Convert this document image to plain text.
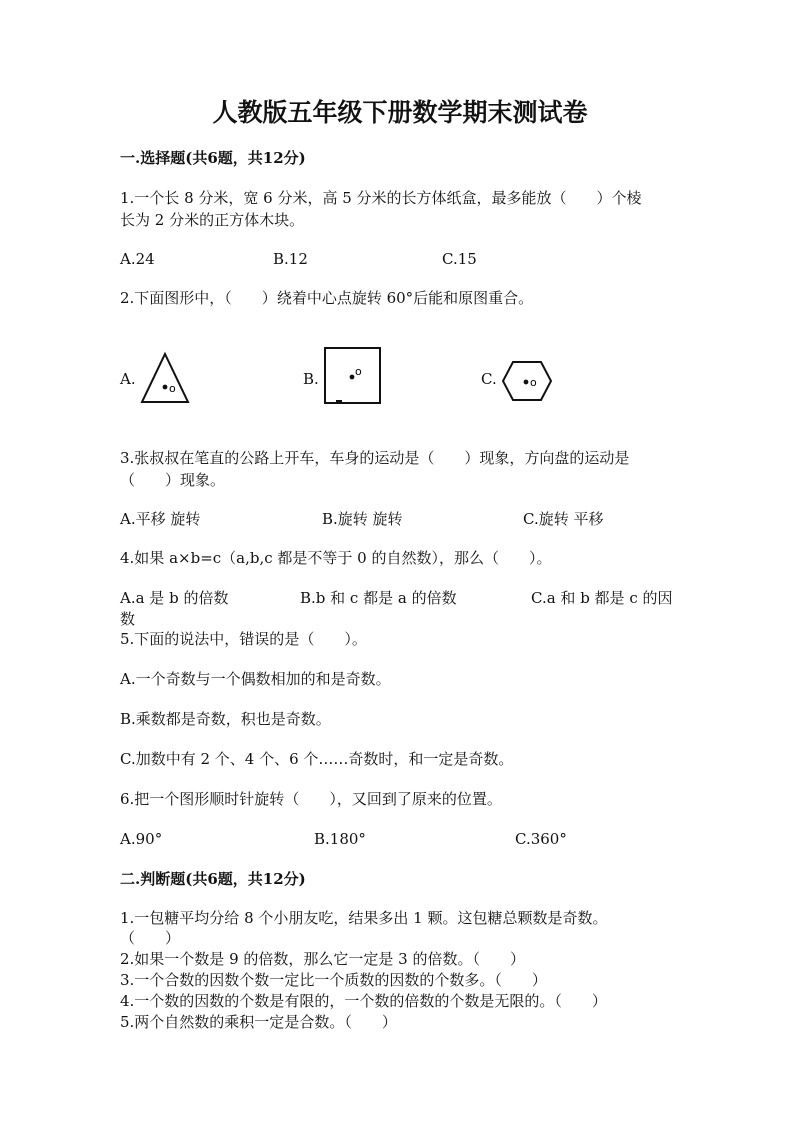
人教版五年级下册数学期末测试卷
一.选择题(共6题，共12分)
1.一个长 8 分米，宽 6 分米，高 5 分米的长方体纸盒，最多能放（　　）个棱
长为 2 分米的正方体木块。
A.24	B.12	C.15
2.下面图形中，（　　）绕着中心点旋转 60°后能和原图重合。
A.	B.	C.
o
o
o
3.张叔叔在笔直的公路上开车，车身的运动是（　　）现象，方向盘的运动是
（　　）现象。
A.平移 旋转	B.旋转 旋转	C.旋转 平移
4.如果 a×b=c（a,b,c 都是不等于 0 的自然数），那么（　　）。
A.a 是 b 的倍数	B.b 和 c 都是 a 的倍数	C.a 和 b 都是 c 的因
数
5.下面的说法中，错误的是（　　）。
A.一个奇数与一个偶数相加的和是奇数。
B.乘数都是奇数，积也是奇数。
C.加数中有 2 个、4 个、6 个……奇数时，和一定是奇数。
6.把一个图形顺时针旋转（　　），又回到了原来的位置。
A.90°	B.180°	C.360°
二.判断题(共6题，共12分)
1.一包糖平均分给 8 个小朋友吃，结果多出 1 颗。这包糖总颗数是奇数。
（　　）
2.如果一个数是 9 的倍数，那么它一定是 3 的倍数。（　　）
3.一个合数的因数个数一定比一个质数的因数的个数多。（　　）
4.一个数的因数的个数是有限的，一个数的倍数的个数是无限的。（　　）
5.两个自然数的乘积一定是合数。（　　）
